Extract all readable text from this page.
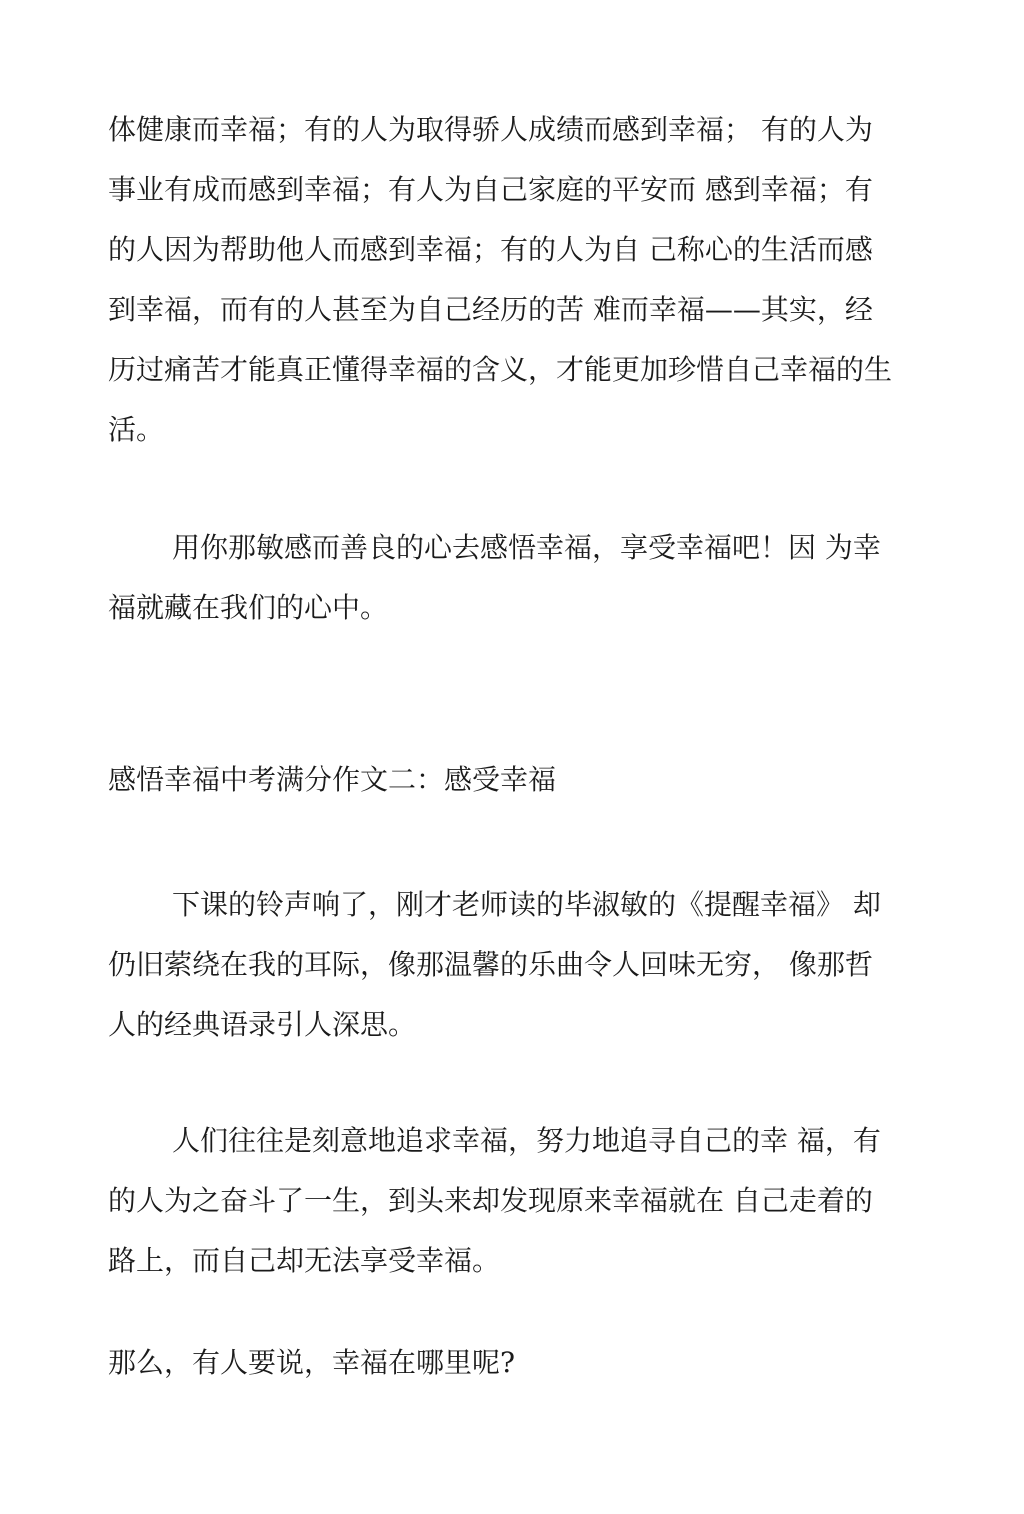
体健康而幸福；有的人为取得骄人成绩而感到幸福； 有的人为
事业有成而感到幸福；有人为自己家庭的平安而 感到幸福；有
的人因为帮助他人而感到幸福；有的人为自 己称心的生活而感
到幸福，而有的人甚至为自己经历的苦 难而幸福——其实，经
历过痛苦才能真正懂得幸福的含义，才能更加珍惜自己幸福的生
活。
用你那敏感而善良的心去感悟幸福，享受幸福吧！因 为幸
福就藏在我们的心中。
感悟幸福中考满分作文二：感受幸福
下课的铃声响了，刚才老师读的毕淑敏的《提醒幸福》 却
仍旧萦绕在我的耳际，像那温馨的乐曲令人回味无穷， 像那哲
人的经典语录引人深思。
人们往往是刻意地追求幸福，努力地追寻自己的幸 福，有
的人为之奋斗了一生，到头来却发现原来幸福就在 自己走着的
路上，而自己却无法享受幸福。
那么，有人要说，幸福在哪里呢?
